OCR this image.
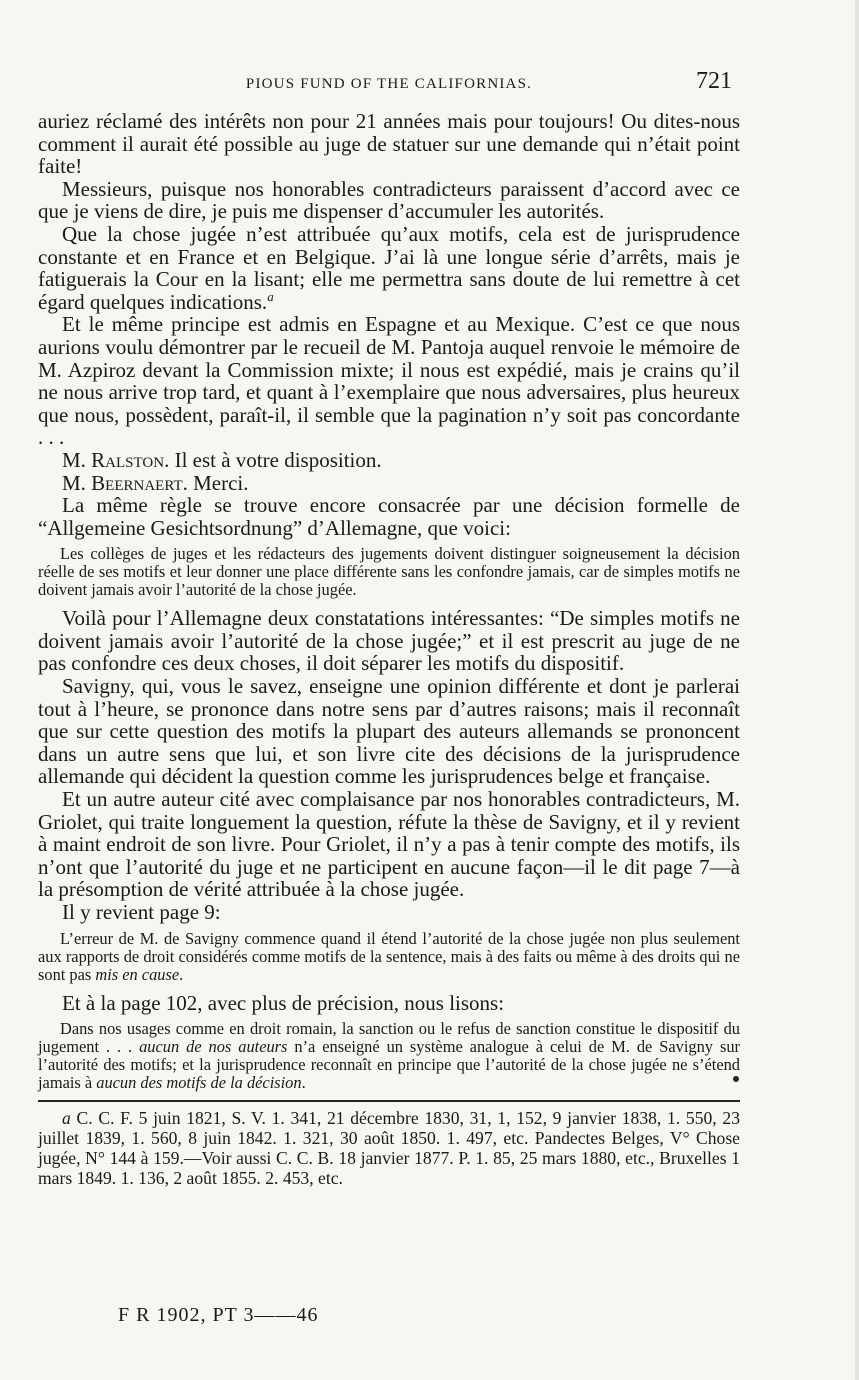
PIOUS FUND OF THE CALIFORNIAS.	721

auriez réclamé des intérêts non pour 21 années mais pour toujours! Ou dites-nous comment il aurait été possible au juge de statuer sur une demande qui n’était point faite!

Messieurs, puisque nos honorables contradicteurs paraissent d’accord avec ce que je viens de dire, je puis me dispenser d’accumuler les autorités.

Que la chose jugée n’est attribuée qu’aux motifs, cela est de jurisprudence constante et en France et en Belgique. J’ai là une longue série d’arrêts, mais je fatiguerais la Cour en la lisant; elle me permettra sans doute de lui remettre à cet égard quelques indications.$^a$

Et le même principe est admis en Espagne et au Mexique. C’est ce que nous aurions voulu démontrer par le recueil de M. Pantoja auquel renvoie le mémoire de M. Azpiroz devant la Commission mixte; il nous est expédié, mais je crains qu’il ne nous arrive trop tard, et quant à l’exemplaire que nous adversaires, plus heureux que nous, possèdent, paraît-il, il semble que la pagination n’y soit pas concordante . . .

M. Ralston. Il est à votre disposition.

M. Beernaert. Merci.

La même règle se trouve encore consacrée par une décision formelle de “Allgemeine Gesichtsordnung” d’Allemagne, que voici:

Les collèges de juges et les rédacteurs des jugements doivent distinguer soigneusement la décision réelle de ses motifs et leur donner une place différente sans les confondre jamais, car de simples motifs ne doivent jamais avoir l’autorité de la chose jugée.

Voilà pour l’Allemagne deux constatations intéressantes: “De simples motifs ne doivent jamais avoir l’autorité de la chose jugée;” et il est prescrit au juge de ne pas confondre ces deux choses, il doit séparer les motifs du dispositif.

Savigny, qui, vous le savez, enseigne une opinion différente et dont je parlerai tout à l’heure, se prononce dans notre sens par d’autres raisons; mais il reconnaît que sur cette question des motifs la plupart des auteurs allemands se prononcent dans un autre sens que lui, et son livre cite des décisions de la jurisprudence allemande qui décident la question comme les jurisprudences belge et française.

Et un autre auteur cité avec complaisance par nos honorables contradicteurs, M. Griolet, qui traite longuement la question, réfute la thèse de Savigny, et il y revient à maint endroit de son livre. Pour Griolet, il n’y a pas à tenir compte des motifs, ils n’ont que l’autorité du juge et ne participent en aucune façon—il le dit page 7—à la présomption de vérité attribuée à la chose jugée.

Il y revient page 9:

L’erreur de M. de Savigny commence quand il étend l’autorité de la chose jugée non plus seulement aux rapports de droit considérés comme motifs de la sentence, mais à des faits ou même à des droits qui ne sont pas mis en cause.

Et à la page 102, avec plus de précision, nous lisons:

Dans nos usages comme en droit romain, la sanction ou le refus de sanction constitue le dispositif du jugement . . . aucun de nos auteurs n’a enseigné un système analogue à celui de M. de Savigny sur l’autorité des motifs; et la jurisprudence reconnaît en principe que l’autorité de la chose jugée ne s’étend jamais à aucun des motifs de la décision.

a C. C. F. 5 juin 1821, S. V. 1. 341, 21 décembre 1830, 31, 1, 152, 9 janvier 1838, 1. 550, 23 juillet 1839, 1. 560, 8 juin 1842. 1. 321, 30 août 1850. 1. 497, etc. Pandectes Belges, V° Chose jugée, N° 144 à 159.—Voir aussi C. C. B. 18 janvier 1877. P. 1. 85, 25 mars 1880, etc., Bruxelles 1 mars 1849. 1. 136, 2 août 1855. 2. 453, etc.

F R 1902, PT 3——46
